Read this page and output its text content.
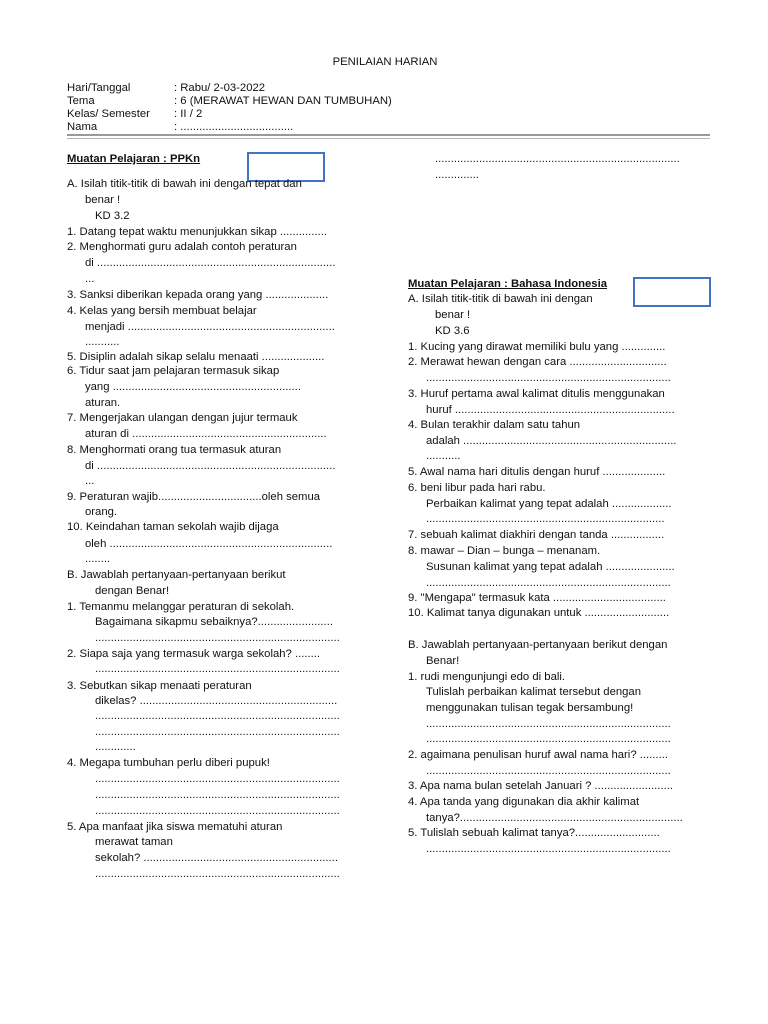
PENILAIAN HARIAN
Hari/Tanggal	: Rabu/ 2-03-2022
Tema	: 6 (MERAWAT HEWAN DAN TUMBUHAN)
Kelas/ Semester : II / 2
Nama	: ....................................
Muatan Pelajaran : PPKn
A. Isilah titik-titik di bawah ini dengan tepat dan
benar !
KD 3.2
1. Datang tepat waktu menunjukkan sikap ...............
2. Menghormati guru adalah contoh peraturan
di ............................................................................
...
3. Sanksi diberikan kepada orang yang ....................
4. Kelas yang bersih membuat belajar
menjadi ..................................................................
...........
5. Disiplin adalah sikap selalu menaati ....................
6. Tidur saat jam pelajaran termasuk sikap
yang ............................................................
aturan.
7. Mengerjakan ulangan dengan jujur termauk
aturan di ..............................................................
8. Menghormati orang tua termasuk aturan
di ............................................................................
...
9. Peraturan wajib.................................oleh semua
orang.
10. Keindahan taman sekolah wajib dijaga
oleh .......................................................................
........
B. Jawablah pertanyaan-pertanyaan berikut
dengan Benar!
1. Temanmu melanggar peraturan di sekolah.
Bagaimana sikapmu sebaiknya?........................
..............................................................................
2. Siapa saja yang termasuk warga sekolah? ........
..............................................................................
3. Sebutkan sikap menaati peraturan
dikelas? ...............................................................
..............................................................................
..............................................................................
.............
4. Megapa tumbuhan perlu diberi pupuk!
..............................................................................
..............................................................................
..............................................................................
5. Apa manfaat jika siswa mematuhi aturan
merawat taman
sekolah? ..............................................................
..............................................................................
..............................................................................
..............
Muatan Pelajaran : Bahasa Indonesia
A. Isilah titik-titik di bawah ini dengan
benar !
KD 3.6
1. Kucing yang dirawat memiliki bulu yang ..............
2. Merawat hewan dengan cara ...............................
..............................................................................
3. Huruf pertama awal kalimat ditulis menggunakan
huruf ......................................................................
4. Bulan terakhir dalam satu tahun
adalah ....................................................................
...........
5. Awal nama hari ditulis dengan huruf ....................
6. beni libur pada hari rabu.
Perbaikan kalimat yang tepat adalah ...................
............................................................................
7. sebuah kalimat diakhiri dengan tanda .................
8. mawar – Dian – bunga – menanam.
Susunan kalimat yang tepat adalah ......................
..............................................................................
9. "Mengapa" termasuk kata ....................................
10. Kalimat tanya digunakan untuk ...........................
B. Jawablah pertanyaan-pertanyaan berikut dengan
Benar!
1. rudi mengunjungi edo di bali.
Tulislah perbaikan kalimat tersebut dengan
menggunakan tulisan tegak bersambung!
..............................................................................
..............................................................................
2. agaimana penulisan huruf awal nama hari? .........
..............................................................................
3. Apa nama bulan setelah Januari ? .........................
4. Apa tanda yang digunakan dia akhir kalimat
tanya?.......................................................................
5. Tulislah sebuah kalimat tanya?...........................
..............................................................................
